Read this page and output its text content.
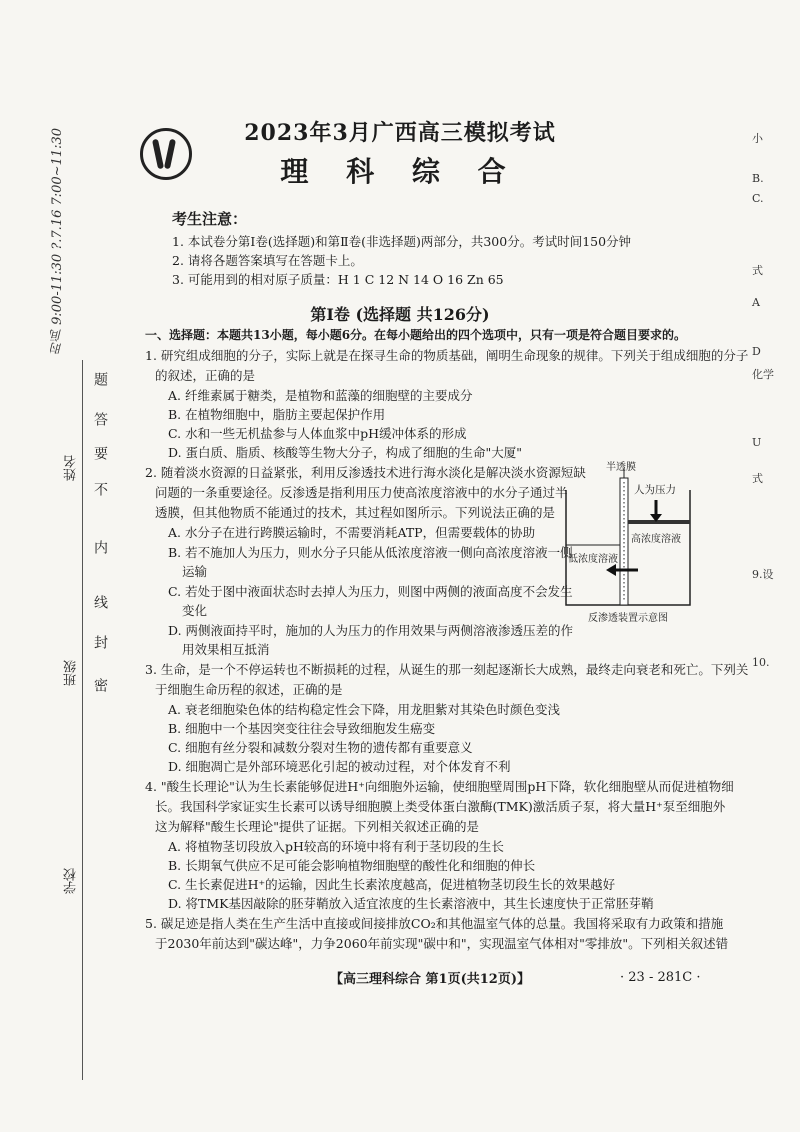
时间 9:00-11:30 ?.7.16 7:00~11:30
姓名
班级
学校
题
答
要
不
内
线
封
密
2023年3月广西高三模拟考试
理 科 综 合
考生注意：
1. 本试卷分第Ⅰ卷(选择题)和第Ⅱ卷(非选择题)两部分，共300分。考试时间150分钟
2. 请将各题答案填写在答题卡上。
3. 可能用到的相对原子质量：H 1 C 12 N 14 O 16 Zn 65
第Ⅰ卷 (选择题 共126分)
一、选择题：本题共13小题，每小题6分。在每小题给出的四个选项中，只有一项是符合题目要求的。
1. 研究组成细胞的分子，实际上就是在探寻生命的物质基础，阐明生命现象的规律。下列关于组成细胞的分子
的叙述，正确的是
A. 纤维素属于糖类，是植物和蓝藻的细胞壁的主要成分
B. 在植物细胞中，脂肪主要起保护作用
C. 水和一些无机盐参与人体血浆中pH缓冲体系的形成
D. 蛋白质、脂质、核酸等生物大分子，构成了细胞的生命"大厦"
2. 随着淡水资源的日益紧张，利用反渗透技术进行海水淡化是解决淡水资源短缺
问题的一条重要途径。反渗透是指利用压力使高浓度溶液中的水分子通过半
透膜，但其他物质不能通过的技术，其过程如图所示。下列说法正确的是
A. 水分子在进行跨膜运输时，不需要消耗ATP，但需要载体的协助
B. 若不施加人为压力，则水分子只能从低浓度溶液一侧向高浓度溶液一侧
运输
C. 若处于图中液面状态时去掉人为压力，则图中两侧的液面高度不会发生
变化
D. 两侧液面持平时，施加的人为压力的作用效果与两侧溶液渗透压差的作
用效果相互抵消
半透膜
人为压力
高浓度溶液
低浓度溶液
反渗透装置示意图
3. 生命，是一个不停运转也不断损耗的过程，从诞生的那一刻起逐渐长大成熟，最终走向衰老和死亡。下列关
于细胞生命历程的叙述，正确的是
A. 衰老细胞染色体的结构稳定性会下降，用龙胆紫对其染色时颜色变浅
B. 细胞中一个基因突变往往会导致细胞发生癌变
C. 细胞有丝分裂和减数分裂对生物的遗传都有重要意义
D. 细胞凋亡是外部环境恶化引起的被动过程，对个体发育不利
4. "酸生长理论"认为生长素能够促进H⁺向细胞外运输，使细胞壁周围pH下降，软化细胞壁从而促进植物细
长。我国科学家证实生长素可以诱导细胞膜上类受体蛋白激酶(TMK)激活质子泵，将大量H⁺泵至细胞外
这为解释"酸生长理论"提供了证据。下列相关叙述正确的是
A. 将植物茎切段放入pH较高的环境中将有利于茎切段的生长
B. 长期氧气供应不足可能会影响植物细胞壁的酸性化和细胞的伸长
C. 生长素促进H⁺的运输，因此生长素浓度越高，促进植物茎切段生长的效果越好
D. 将TMK基因敲除的胚芽鞘放入适宜浓度的生长素溶液中，其生长速度快于正常胚芽鞘
5. 碳足迹是指人类在生产生活中直接或间接排放CO₂和其他温室气体的总量。我国将采取有力政策和措施
于2030年前达到"碳达峰"，力争2060年前实现"碳中和"，实现温室气体相对"零排放"。下列相关叙述错
【高三理科综合 第1页(共12页)】	· 23 - 281C ·
小
B.
C.
式
A
D
化学
U
式
9.设
10.
